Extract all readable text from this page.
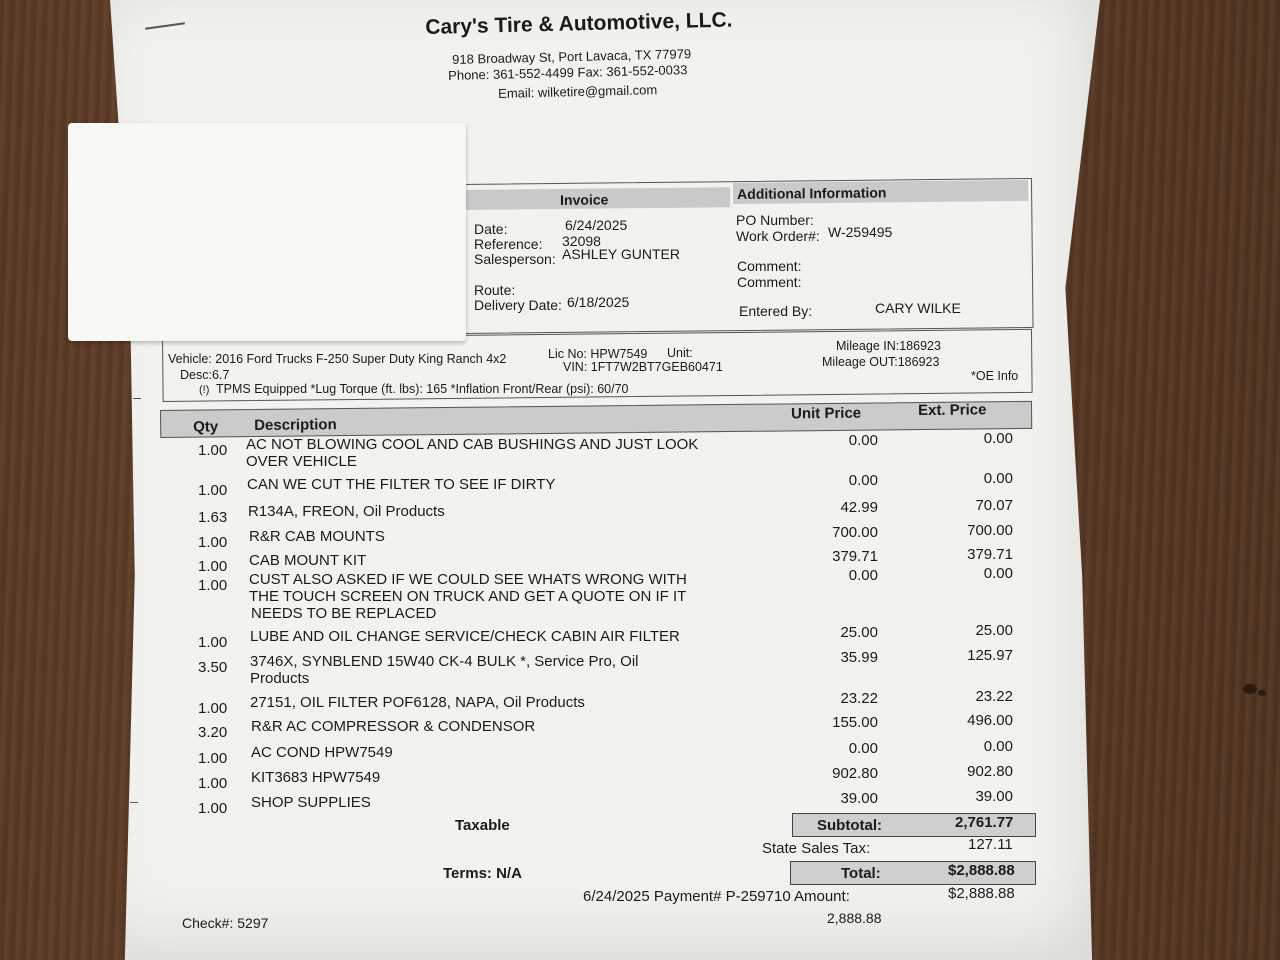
Cary's Tire & Automotive, LLC.
918 Broadway St, Port Lavaca, TX 77979
Phone: 361-552-4499 Fax: 361-552-0033
Email: wilketire@gmail.com
Invoice	Additional Information
Date:	6/24/2025
Reference: 32098
Salesperson: ASHLEY GUNTER
Route:
Delivery Date: 6/18/2025
PO Number:
Work Order#: W-259495
Comment:
Comment:
Entered By:	CARY WILKE
Vehicle: 2016 Ford Trucks F-250 Super Duty King Ranch 4x2	Lic No: HPW7549 Unit:
VIN: 1FT7W2BT7GEB60471
Desc:6.7
(!) TPMS Equipped *Lug Torque (ft. lbs): 165 *Inflation Front/Rear (psi): 60/70
Mileage IN:186923
Mileage OUT:186923
*OE Info
Qty Description
Unit Price	Ext. Price
1.00 AC NOT BLOWING COOL AND CAB BUSHINGS AND JUST LOOK
OVER VEHICLE
0.00	0.00
1.00 CAN WE CUT THE FILTER TO SEE IF DIRTY	0.00	0.00
1.63 R134A, FREON, Oil Products	42.99	70.07
1.00 R&R CAB MOUNTS	700.00	700.00
1.00 CAB MOUNT KIT	379.71	379.71
1.00 CUST ALSO ASKED IF WE COULD SEE WHATS WRONG WITH
THE TOUCH SCREEN ON TRUCK AND GET A QUOTE ON IF IT
NEEDS TO BE REPLACED
0.00	0.00
1.00 LUBE AND OIL CHANGE SERVICE/CHECK CABIN AIR FILTER	25.00	25.00
3.50 3746X, SYNBLEND 15W40 CK-4 BULK *, Service Pro, Oil
Products
35.99	125.97
1.00 27151, OIL FILTER POF6128, NAPA, Oil Products	23.22	23.22
3.20 R&R AC COMPRESSOR & CONDENSOR	155.00	496.00
1.00 AC COND HPW7549	0.00	0.00
1.00 KIT3683 HPW7549	902.80	902.80
1.00 SHOP SUPPLIES	39.00	39.00
Taxable	Subtotal:	2,761.77
State Sales Tax:	127.11
Terms: N/A	Total:	$2,888.88
6/24/2025 Payment# P-259710 Amount:	$2,888.88
2,888.88
Check#: 5297
